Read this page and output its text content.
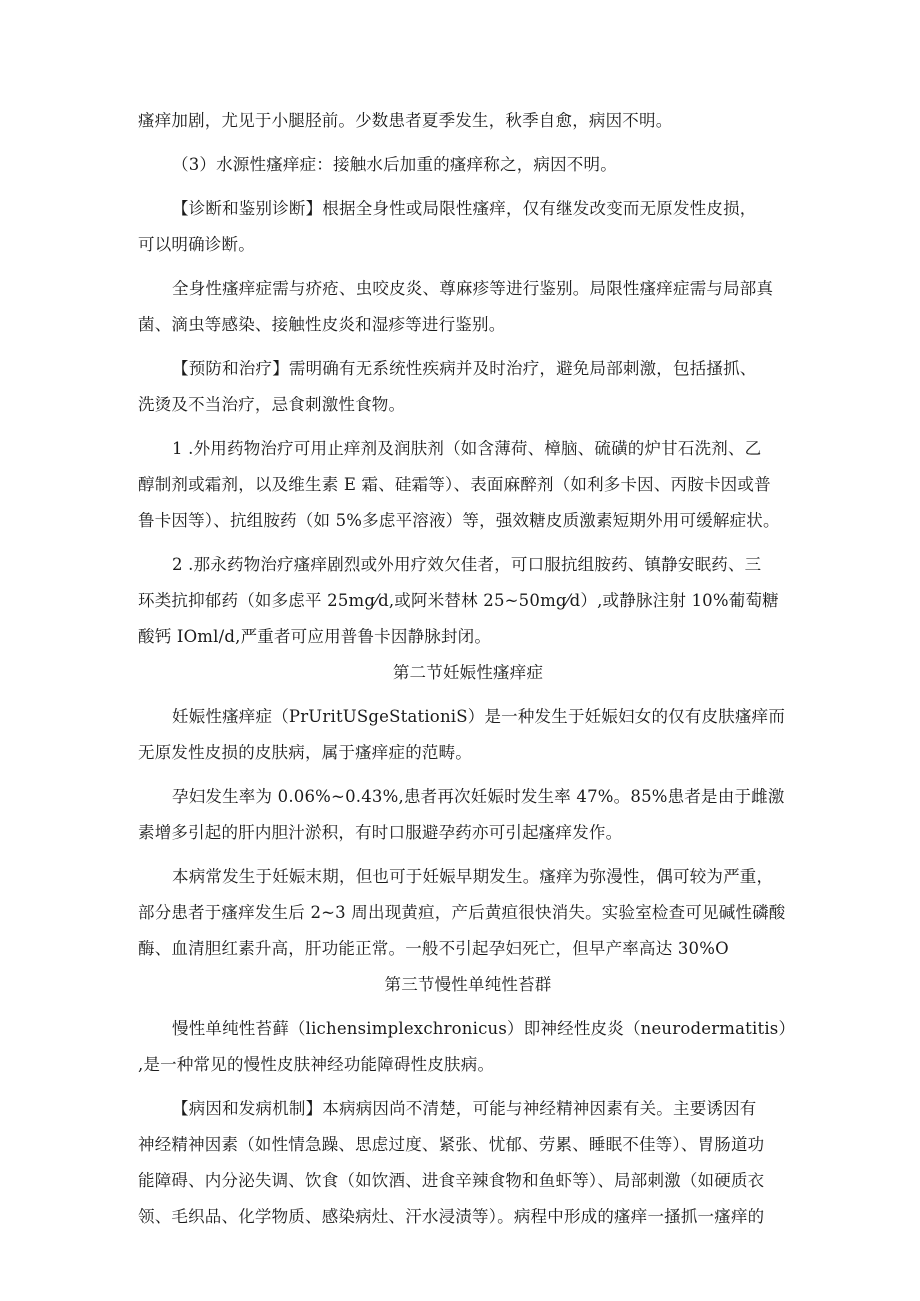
瘙痒加剧，尤见于小腿胫前。少数患者夏季发生，秋季自愈，病因不明。
（3）水源性瘙痒症：接触水后加重的瘙痒称之，病因不明。
【诊断和鉴别诊断】根据全身性或局限性瘙痒，仅有继发改变而无原发性皮损，
可以明确诊断。
全身性瘙痒症需与疥疮、虫咬皮炎、尊麻疹等进行鉴别。局限性瘙痒症需与局部真
菌、滴虫等感染、接触性皮炎和湿疹等进行鉴别。
【预防和治疗】需明确有无系统性疾病并及时治疗，避免局部刺激，包括搔抓、
洗烫及不当治疗，忌食刺激性食物。
1 .外用药物治疗可用止痒剂及润肤剂（如含薄荷、樟脑、硫磺的炉甘石洗剂、乙
醇制剂或霜剂，以及维生素 E 霜、硅霜等）、表面麻醉剂（如利多卡因、丙胺卡因或普
鲁卡因等）、抗组胺药（如 5%多虑平溶液）等，强效糖皮质激素短期外用可缓解症状。
2 .那永药物治疗瘙痒剧烈或外用疗效欠佳者，可口服抗组胺药、镇静安眠药、三
环类抗抑郁药（如多虑平 25mg⁄d,或阿米替林 25~50mg⁄d）,或静脉注射 10%葡萄糖
酸钙 IOml/d,严重者可应用普鲁卡因静脉封闭。
第二节妊娠性瘙痒症
妊娠性瘙痒症（PrUritUSgeStationiS）是一种发生于妊娠妇女的仅有皮肤瘙痒而
无原发性皮损的皮肤病，属于瘙痒症的范畴。
孕妇发生率为 0.06%~0.43%,患者再次妊娠时发生率 47%。85%患者是由于雌激
素增多引起的肝内胆汁淤积，有时口服避孕药亦可引起瘙痒发作。
本病常发生于妊娠末期，但也可于妊娠早期发生。瘙痒为弥漫性，偶可较为严重，
部分患者于瘙痒发生后 2~3 周出现黄疸，产后黄疸很快消失。实验室检查可见碱性磷酸
酶、血清胆红素升高，肝功能正常。一般不引起孕妇死亡，但早产率高达 30%O
第三节慢性单纯性苔群
慢性单纯性苔藓（lichensimplexchronicus）即神经性皮炎（neurodermatitis）
,是一种常见的慢性皮肤神经功能障碍性皮肤病。
【病因和发病机制】本病病因尚不清楚，可能与神经精神因素有关。主要诱因有
神经精神因素（如性情急躁、思虑过度、紧张、忧郁、劳累、睡眠不佳等）、胃肠道功
能障碍、内分泌失调、饮食（如饮酒、进食辛辣食物和鱼虾等）、局部刺激（如硬质衣
领、毛织品、化学物质、感染病灶、汗水浸渍等）。病程中形成的瘙痒一搔抓一瘙痒的
